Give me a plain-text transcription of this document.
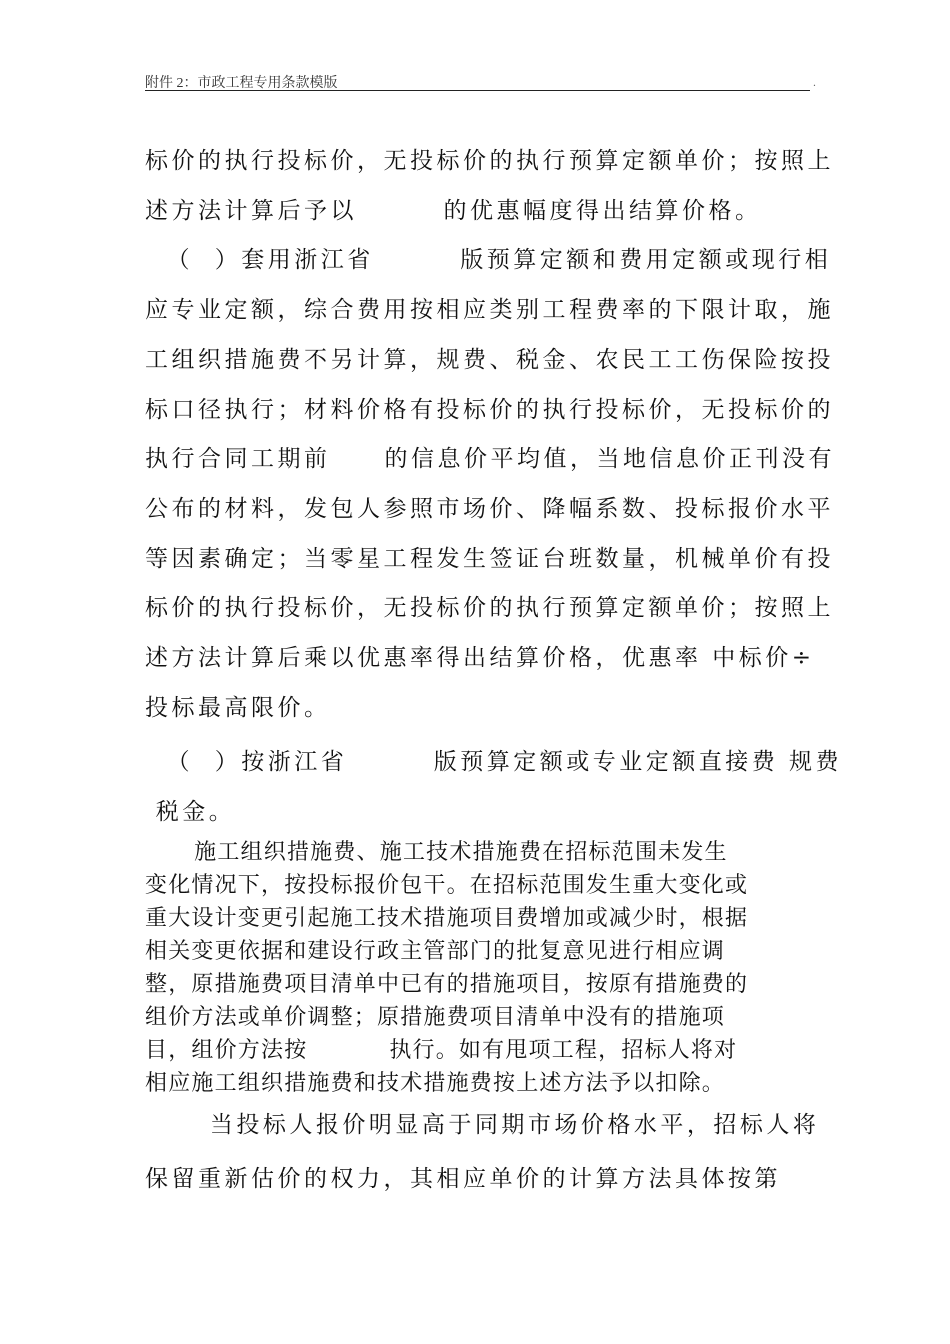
附件 2：市政工程专用条款模版	.
标价的执行投标价，无投标价的执行预算定额单价；按照上
述方法计算后予以        的优惠幅度得出结算价格。
（  ）套用浙江省        版预算定额和费用定额或现行相
应专业定额，综合费用按相应类别工程费率的下限计取，施
工组织措施费不另计算，规费、税金、农民工工伤保险按投
标口径执行；材料价格有投标价的执行投标价，无投标价的
执行合同工期前     的信息价平均值，当地信息价正刊没有
公布的材料，发包人参照市场价、降幅系数、投标报价水平
等因素确定；当零星工程发生签证台班数量，机械单价有投
标价的执行投标价，无投标价的执行预算定额单价；按照上
述方法计算后乘以优惠率得出结算价格，优惠率 中标价÷
投标最高限价。
（  ）按浙江省        版预算定额或专业定额直接费 规费
税金。
施工组织措施费、施工技术措施费在招标范围未发生
变化情况下，按投标报价包干。在招标范围发生重大变化或
重大设计变更引起施工技术措施项目费增加或减少时，根据
相关变更依据和建设行政主管部门的批复意见进行相应调
整，原措施费项目清单中已有的措施项目，按原有措施费的
组价方法或单价调整；原措施费项目清单中没有的措施项
目，组价方法按          执行。如有甩项工程，招标人将对
相应施工组织措施费和技术措施费按上述方法予以扣除。
当投标人报价明显高于同期市场价格水平，招标人将
保留重新估价的权力，其相应单价的计算方法具体按第
